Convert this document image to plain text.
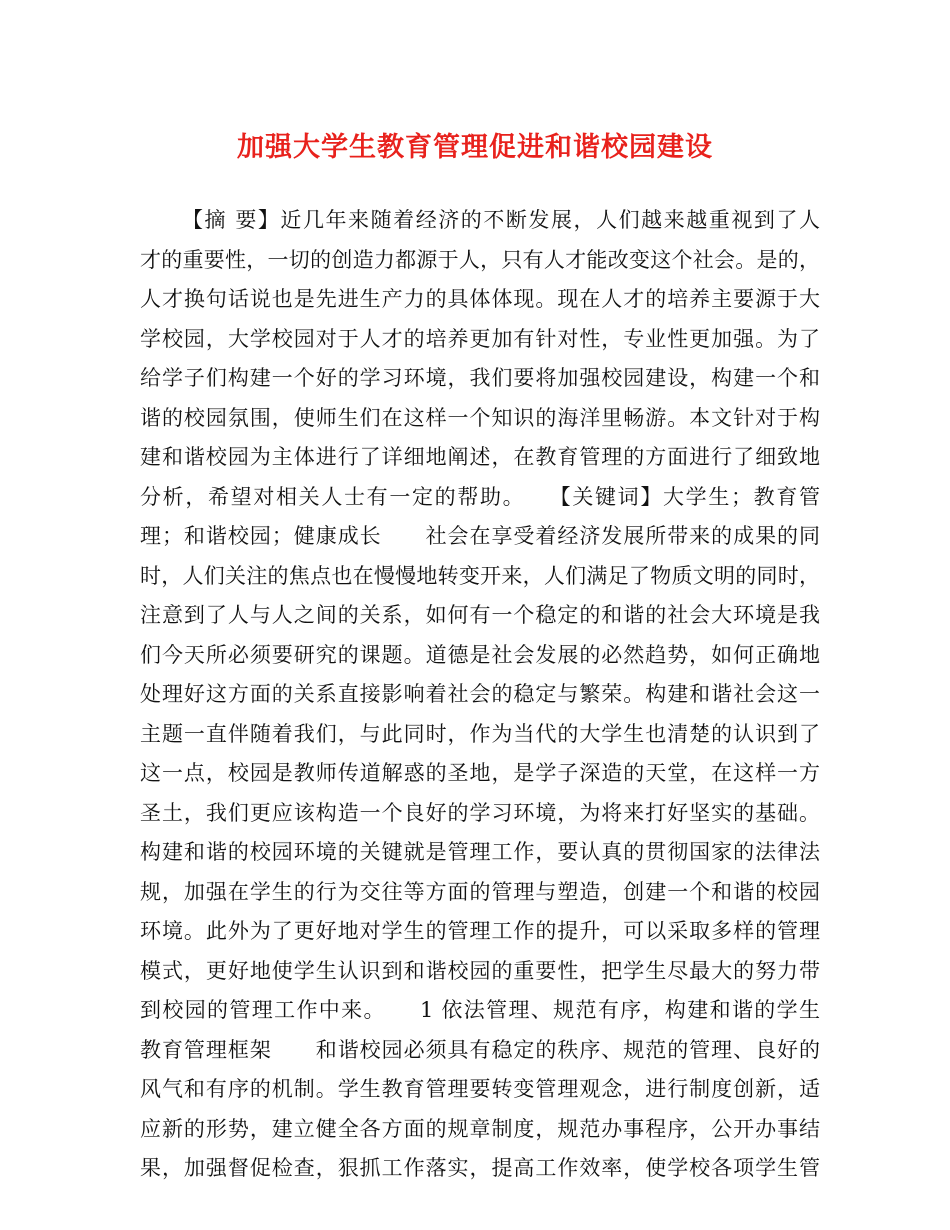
加强大学生教育管理促进和谐校园建设
【摘 要】近几年来随着经济的不断发展，人们越来越重视到了人
才的重要性，一切的创造力都源于人，只有人才能改变这个社会。是的，
人才换句话说也是先进生产力的具体体现。现在人才的培养主要源于大
学校园，大学校园对于人才的培养更加有针对性，专业性更加强。为了
给学子们构建一个好的学习环境，我们要将加强校园建设，构建一个和
谐的校园氛围，使师生们在这样一个知识的海洋里畅游。本文针对于构
建和谐校园为主体进行了详细地阐述，在教育管理的方面进行了细致地
分析，希望对相关人士有一定的帮助。　　【关键词】大学生；教育管
理；和谐校园；健康成长　　社会在享受着经济发展所带来的成果的同
时，人们关注的焦点也在慢慢地转变开来，人们满足了物质文明的同时，
注意到了人与人之间的关系，如何有一个稳定的和谐的社会大环境是我
们今天所必须要研究的课题。道德是社会发展的必然趋势，如何正确地
处理好这方面的关系直接影响着社会的稳定与繁荣。构建和谐社会这一
主题一直伴随着我们，与此同时，作为当代的大学生也清楚的认识到了
这一点，校园是教师传道解惑的圣地，是学子深造的天堂，在这样一方
圣土，我们更应该构造一个良好的学习环境，为将来打好坚实的基础。
构建和谐的校园环境的关键就是管理工作，要认真的贯彻国家的法律法
规，加强在学生的行为交往等方面的管理与塑造，创建一个和谐的校园
环境。此外为了更好地对学生的管理工作的提升，可以采取多样的管理
模式，更好地使学生认识到和谐校园的重要性，把学生尽最大的努力带
到校园的管理工作中来。　　1 依法管理、规范有序，构建和谐的学生
教育管理框架　　和谐校园必须具有稳定的秩序、规范的管理、良好的
风气和有序的机制。学生教育管理要转变管理观念，进行制度创新，适
应新的形势，建立健全各方面的规章制度，规范办事程序，公开办事结
果，加强督促检查，狠抓工作落实，提高工作效率，使学校各项学生管
